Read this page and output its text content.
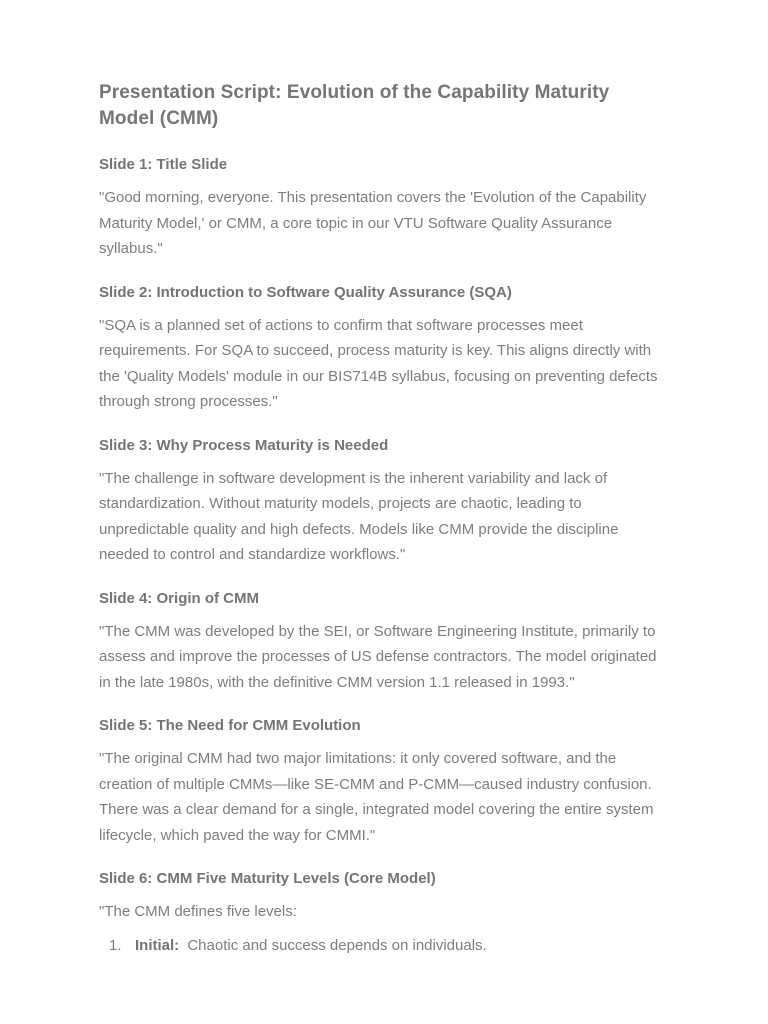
Presentation Script: Evolution of the Capability Maturity Model (CMM)
Slide 1: Title Slide

"Good morning, everyone. This presentation covers the 'Evolution of the Capability Maturity Model,' or CMM, a core topic in our VTU Software Quality Assurance syllabus."

Slide 2: Introduction to Software Quality Assurance (SQA)

"SQA is a planned set of actions to confirm that software processes meet requirements. For SQA to succeed, process maturity is key. This aligns directly with the 'Quality Models' module in our BIS714B syllabus, focusing on preventing defects through strong processes."

Slide 3: Why Process Maturity is Needed

"The challenge in software development is the inherent variability and lack of standardization. Without maturity models, projects are chaotic, leading to unpredictable quality and high defects. Models like CMM provide the discipline needed to control and standardize workflows."

Slide 4: Origin of CMM

"The CMM was developed by the SEI, or Software Engineering Institute, primarily to assess and improve the processes of US defense contractors. The model originated in the late 1980s, with the definitive CMM version 1.1 released in 1993."

Slide 5: The Need for CMM Evolution

"The original CMM had two major limitations: it only covered software, and the creation of multiple CMMs—like SE-CMM and P-CMM—caused industry confusion. There was a clear demand for a single, integrated model covering the entire system lifecycle, which paved the way for CMMI."

Slide 6: CMM Five Maturity Levels (Core Model)

"The CMM defines five levels:

1. Initial: Chaotic and success depends on individuals.
